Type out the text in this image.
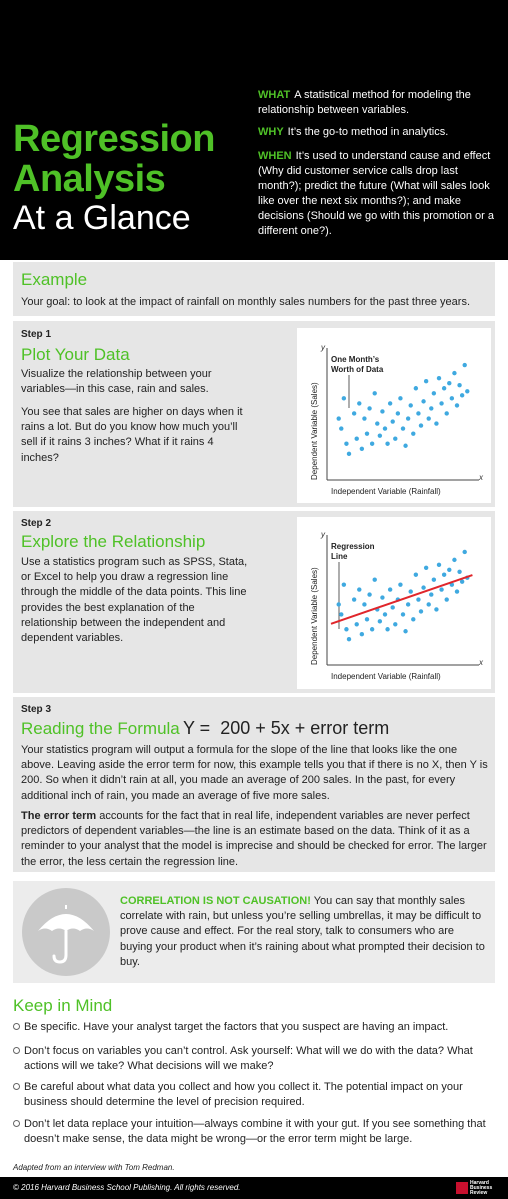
Regression
Analysis
At a Glance
WHAT A statistical method for modeling the relationship between variables.
WHY It’s the go-to method in analytics.
WHEN It’s used to understand cause and effect (Why did customer service calls drop last month?); predict the future (What will sales look like over the next six months?); and make decisions (Should we go with this promotion or a different one?).
Example
Your goal: to look at the impact of rainfall on monthly sales numbers for the past three years.
Step 1
Plot Your Data
Visualize the relationship between your variables—in this case, rain and sales.
You see that sales are higher on days when it rains a lot. But do you know how much you’ll sell if it rains 3 inches? What if it rains 4 inches?
y
x
Independent Variable (Rainfall)
Dependent Variable (Sales)
One Month’s
Worth of Data
Step 2
Explore the Relationship
Use a statistics program such as SPSS, Stata, or Excel to help you draw a regression line through the middle of the data points. This line provides the best explanation of the relationship between the independent and dependent variables.
y
x
Independent Variable (Rainfall)
Dependent Variable (Sales)
Regression
Line
Step 3
Reading the Formula Y =  200 + 5x + error term
Your statistics program will output a formula for the slope of the line that looks like the one above. Leaving aside the error term for now, this example tells you that if there is no X, then Y is 200. So when it didn’t rain at all, you made an average of 200 sales. In the past, for every additional inch of rain, you made an average of five more sales.
The error term accounts for the fact that in real life, independent variables are never perfect predictors of dependent variables—the line is an estimate based on the data. Think of it as a reminder to your analyst that the model is imprecise and should be checked for error. The larger the error, the less certain the regression line.
CORRELATION IS NOT CAUSATION! You can say that monthly sales correlate with rain, but unless you’re selling umbrellas, it may be difficult to prove cause and effect. For the real story, talk to consumers who are buying your product when it’s raining about what prompted their decision to buy.
Keep in Mind
Be specific. Have your analyst target the factors that you suspect are having an impact.
Don’t focus on variables you can’t control. Ask yourself: What will we do with the data? What actions will we take? What decisions will we make?
Be careful about what data you collect and how you collect it. The potential impact on your business should determine the level of precision required.
Don’t let data replace your intuition—always combine it with your gut. If you see something that doesn’t make sense, the data might be wrong—or the error term might be large.
Adapted from an interview with Tom Redman.
© 2016 Harvard Business School Publishing. All rights reserved.	Harvard Business Review
